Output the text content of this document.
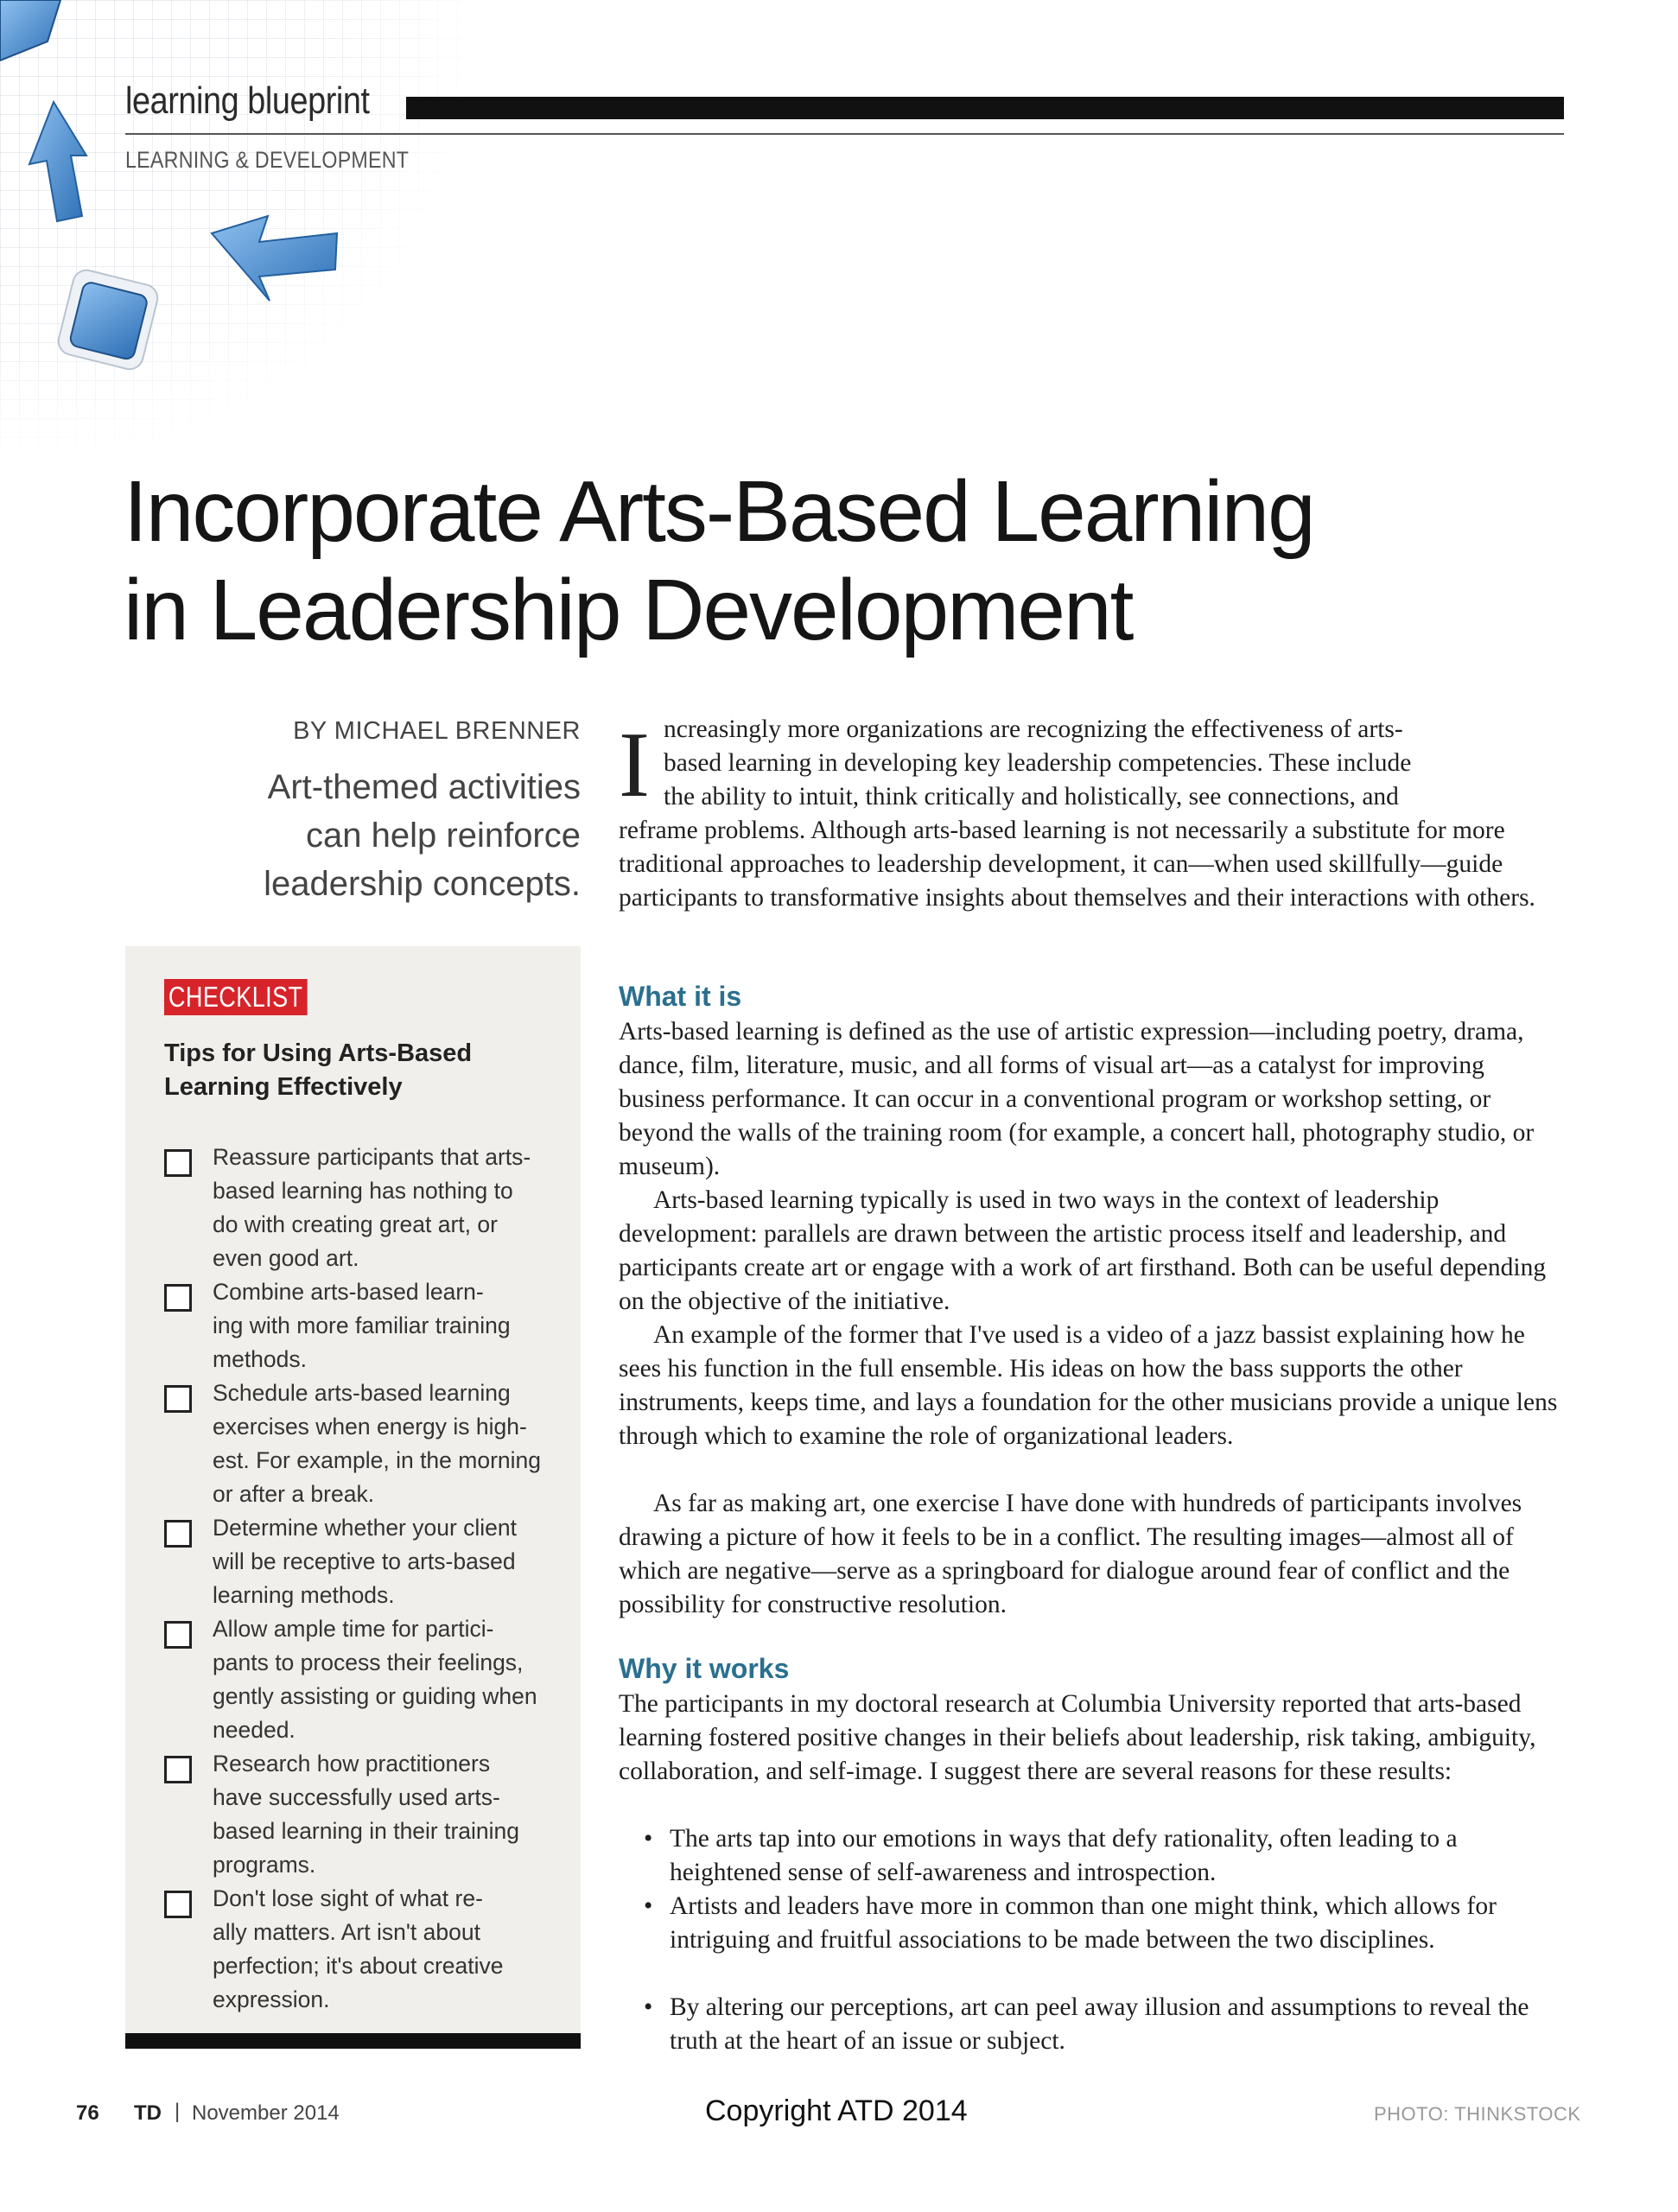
learning blueprint
LEARNING & DEVELOPMENT
Incorporate Arts-Based Learning
in Leadership Development
BY MICHAEL BRENNER
Art-themed activities
can help reinforce
leadership concepts.
CHECKLIST
Tips for Using Arts-Based
Learning Effectively
Reassure participants that arts-
based learning has nothing to
do with creating great art, or
even good art.
Combine arts-based learn-
ing with more familiar training
methods.
Schedule arts-based learning
exercises when energy is high-
est. For example, in the morning
or after a break.
Determine whether your client
will be receptive to arts-based
learning methods.
Allow ample time for partici-
pants to process their feelings,
gently assisting or guiding when
needed.
Research how practitioners
have successfully used arts-
based learning in their training
programs.
Don't lose sight of what re-
ally matters. Art isn't about
perfection; it's about creative
expression.
I ncreasingly more organizations are recognizing the effectiveness of arts-
based learning in developing key leadership competencies. These include
the ability to intuit, think critically and holistically, see connections, and

reframe problems. Although arts-based learning is not necessarily a substitute for more traditional approaches to leadership development, it can—when used skillfully—guide participants to transformative insights about themselves and their interactions with others.

What it is

Arts-based learning is defined as the use of artistic expression—including poetry, drama, dance, film, literature, music, and all forms of visual art—as a catalyst for improving business performance. It can occur in a conventional program or workshop setting, or beyond the walls of the training room (for example, a concert hall, photography studio, or museum).

Arts-based learning typically is used in two ways in the context of leadership development: parallels are drawn between the artistic process itself and leadership, and participants create art or engage with a work of art firsthand. Both can be useful depending on the objective of the initiative.

An example of the former that I've used is a video of a jazz bassist explaining how he sees his function in the full ensemble. His ideas on how the bass supports the other instruments, keeps time, and lays a foundation for the other musicians provide a unique lens through which to examine the role of organizational leaders.

As far as making art, one exercise I have done with hundreds of participants involves drawing a picture of how it feels to be in a conflict. The resulting images—almost all of which are negative—serve as a springboard for dialogue around fear of conflict and the possibility for constructive resolution.

Why it works

The participants in my doctoral research at Columbia University reported that arts-based learning fostered positive changes in their beliefs about leadership, risk taking, ambiguity, collaboration, and self-image. I suggest there are several reasons for these results:

• The arts tap into our emotions in ways that defy rationality, often leading to a heightened sense of self-awareness and introspection.
• Artists and leaders have more in common than one might think, which allows for intriguing and fruitful associations to be made between the two disciplines.
• By altering our perceptions, art can peel away illusion and assumptions to reveal the truth at the heart of an issue or subject.
76 TD | November 2014	Copyright ATD 2014	PHOTO: THINKSTOCK
